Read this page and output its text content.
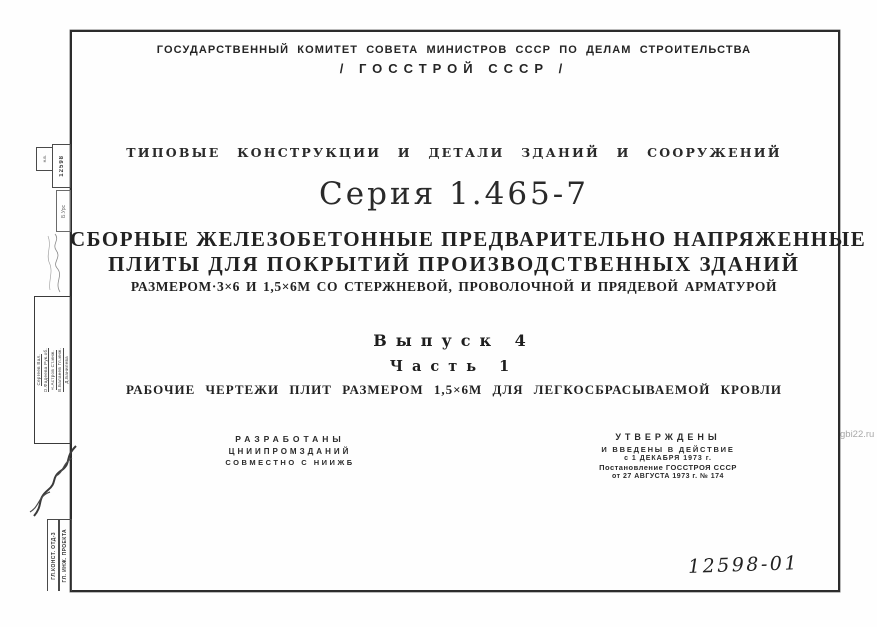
ГОСУДАРСТВЕННЫЙ КОМИТЕТ СОВЕТА МИНИСТРОВ СССР ПО ДЕЛАМ СТРОИТЕЛЬСТВА
/ ГОССТРОЙ СССР /
ТИПОВЫЕ КОНСТРУКЦИИ И ДЕТАЛИ ЗДАНИЙ И СООРУЖЕНИЙ
Серия 1.465-7
СБОРНЫЕ ЖЕЛЕЗОБЕТОННЫЕ ПРЕДВАРИТЕЛЬНО НАПРЯЖЕННЫЕ
ПЛИТЫ ДЛЯ ПОКРЫТИЙ ПРОИЗВОДСТВЕННЫХ ЗДАНИЙ
РАЗМЕРОМ·3×6 И 1,5×6М СО СТЕРЖНЕВОЙ, ПРОВОЛОЧНОЙ И ПРЯДЕВОЙ АРМАТУРОЙ
Выпуск 4
Часть 1
РАБОЧИЕ ЧЕРТЕЖИ ПЛИТ РАЗМЕРОМ 1,5×6М ДЛЯ ЛЕГКОСБРАСЫВАЕМОЙ КРОВЛИ
РАЗРАБОТАНЫ
ЦНИИПРОМЗДАНИЙ
СОВМЕСТНО С НИИЖБ
УТВЕРЖДЕНЫ
И ВВЕДЕНЫ В ДЕЙСТВИЕ
с 1 ДЕКАБРЯ 1973 г.
Постановление ГОССТРОЯ СССР
от 27 АВГУСТА 1973 г. № 174
12598-01
gbi22.ru
н.в. 12598
Б.Урс
Сергеев Вал. О.Фадеева Рук.об. Н.Астров Ст.инж. В.Баланев Гл.инж. Д.Банилева
ГЛ.КОНСТ. ОТД-3 ГЛ. ИНЖ. ПРОЕКТА
